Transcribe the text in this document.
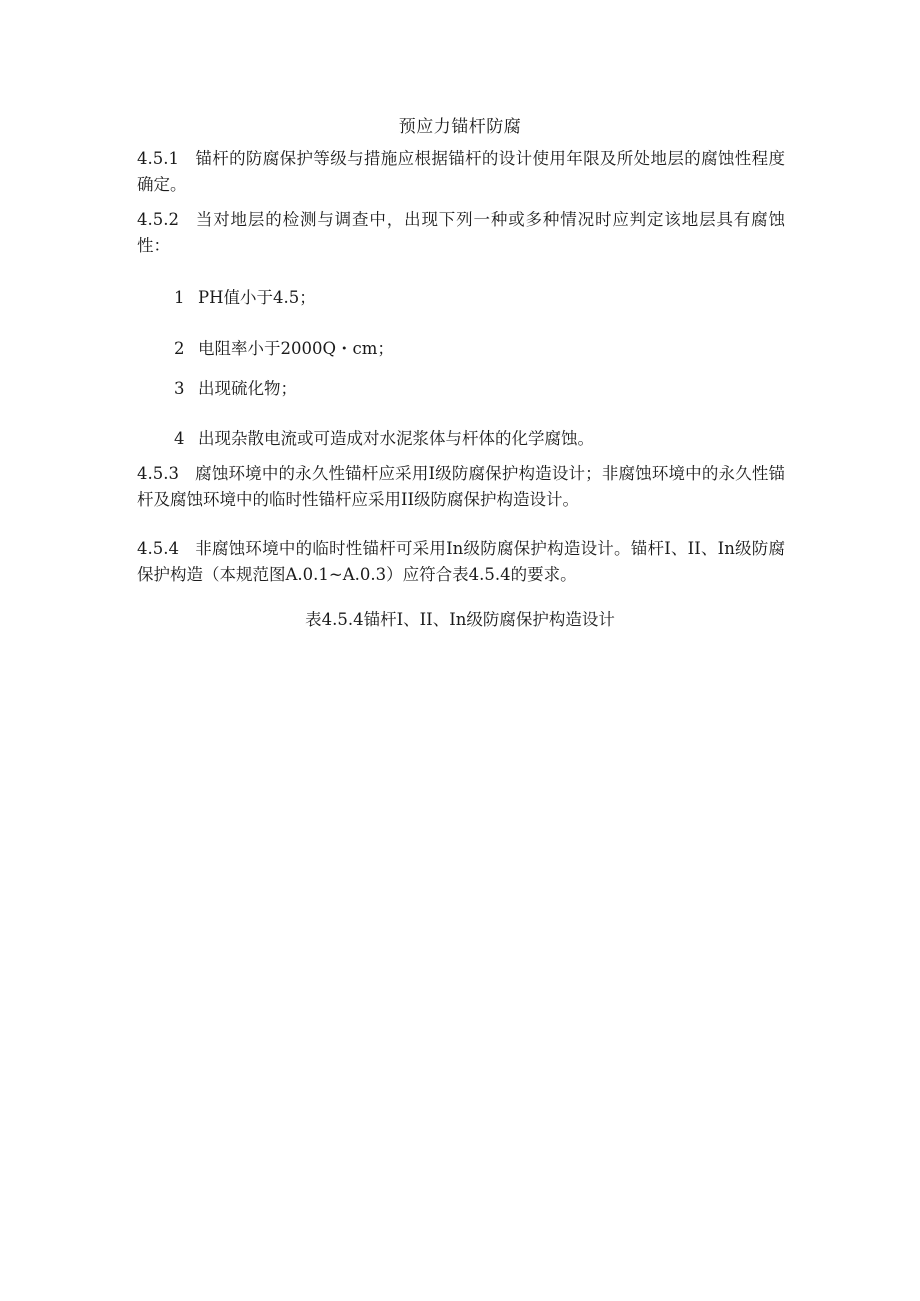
预应力锚杆防腐
4.5.1 锚杆的防腐保护等级与措施应根据锚杆的设计使用年限及所处地层的腐蚀性程度确定。
4.5.2 当对地层的检测与调查中，出现下列一种或多种情况时应判定该地层具有腐蚀性：
1 PH值小于4.5；
2 电阻率小于2000Q・cm；
3 出现硫化物；
4 出现杂散电流或可造成对水泥浆体与杆体的化学腐蚀。
4.5.3 腐蚀环境中的永久性锚杆应采用I级防腐保护构造设计；非腐蚀环境中的永久性锚杆及腐蚀环境中的临时性锚杆应采用II级防腐保护构造设计。
4.5.4 非腐蚀环境中的临时性锚杆可采用In级防腐保护构造设计。锚杆I、II、In级防腐保护构造（本规范图A.0.1~A.0.3）应符合表4.5.4的要求。
表4.5.4锚杆I、II、In级防腐保护构造设计
